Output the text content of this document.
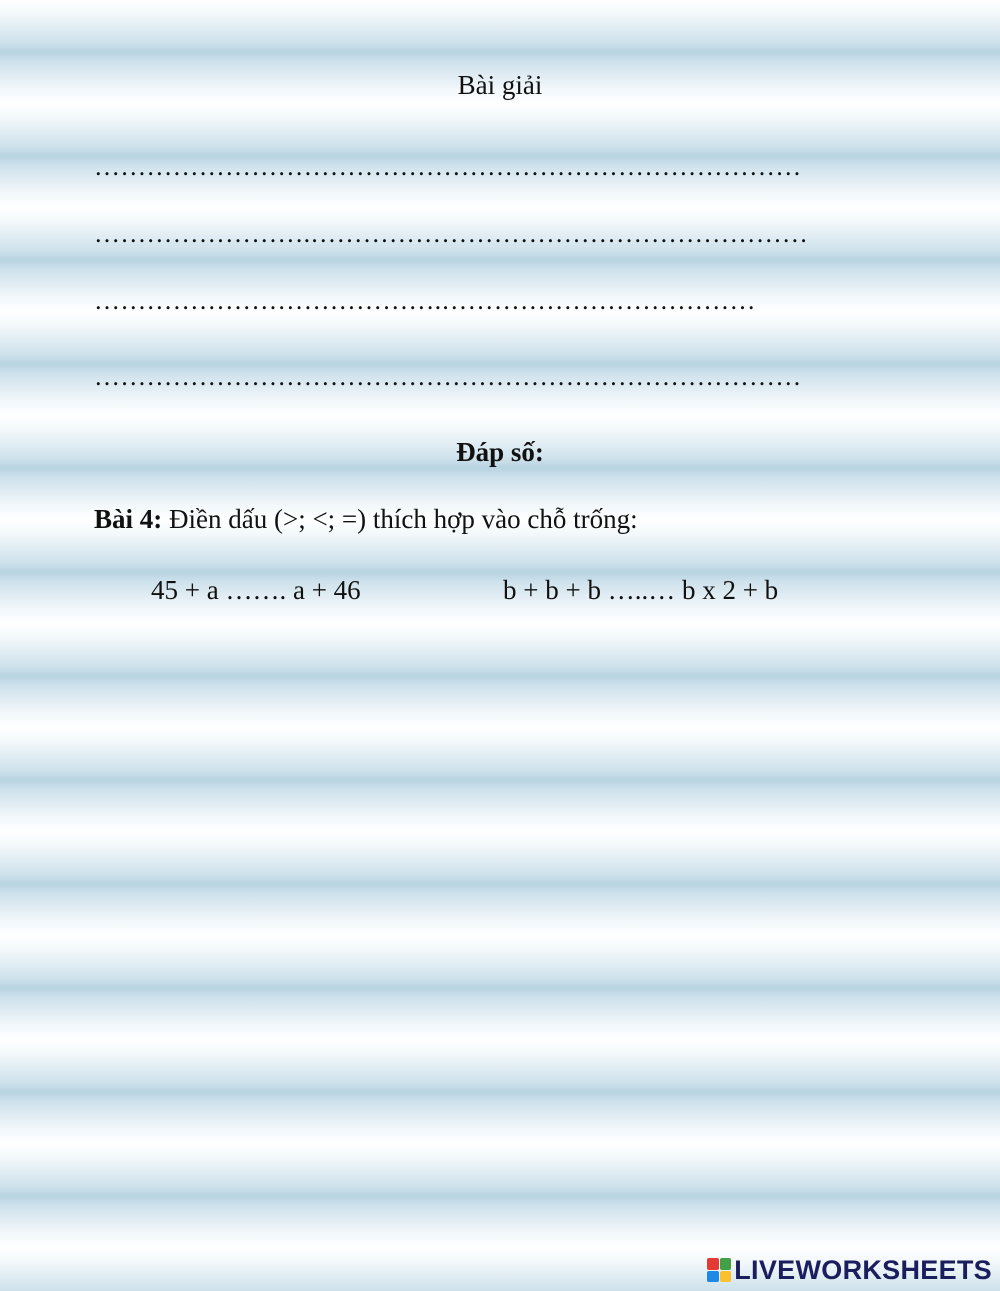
Bài giải
………………………………………………………………………
…………………….…………………………………………………
………………………………….………………………………
………………………………………………………………………
Đáp số:
Bài 4: Điền dấu (>; <; =) thích hợp vào chỗ trống:
45 + a ……. a + 46	b + b + b …..… b x 2 + b
LIVEWORKSHEETS
